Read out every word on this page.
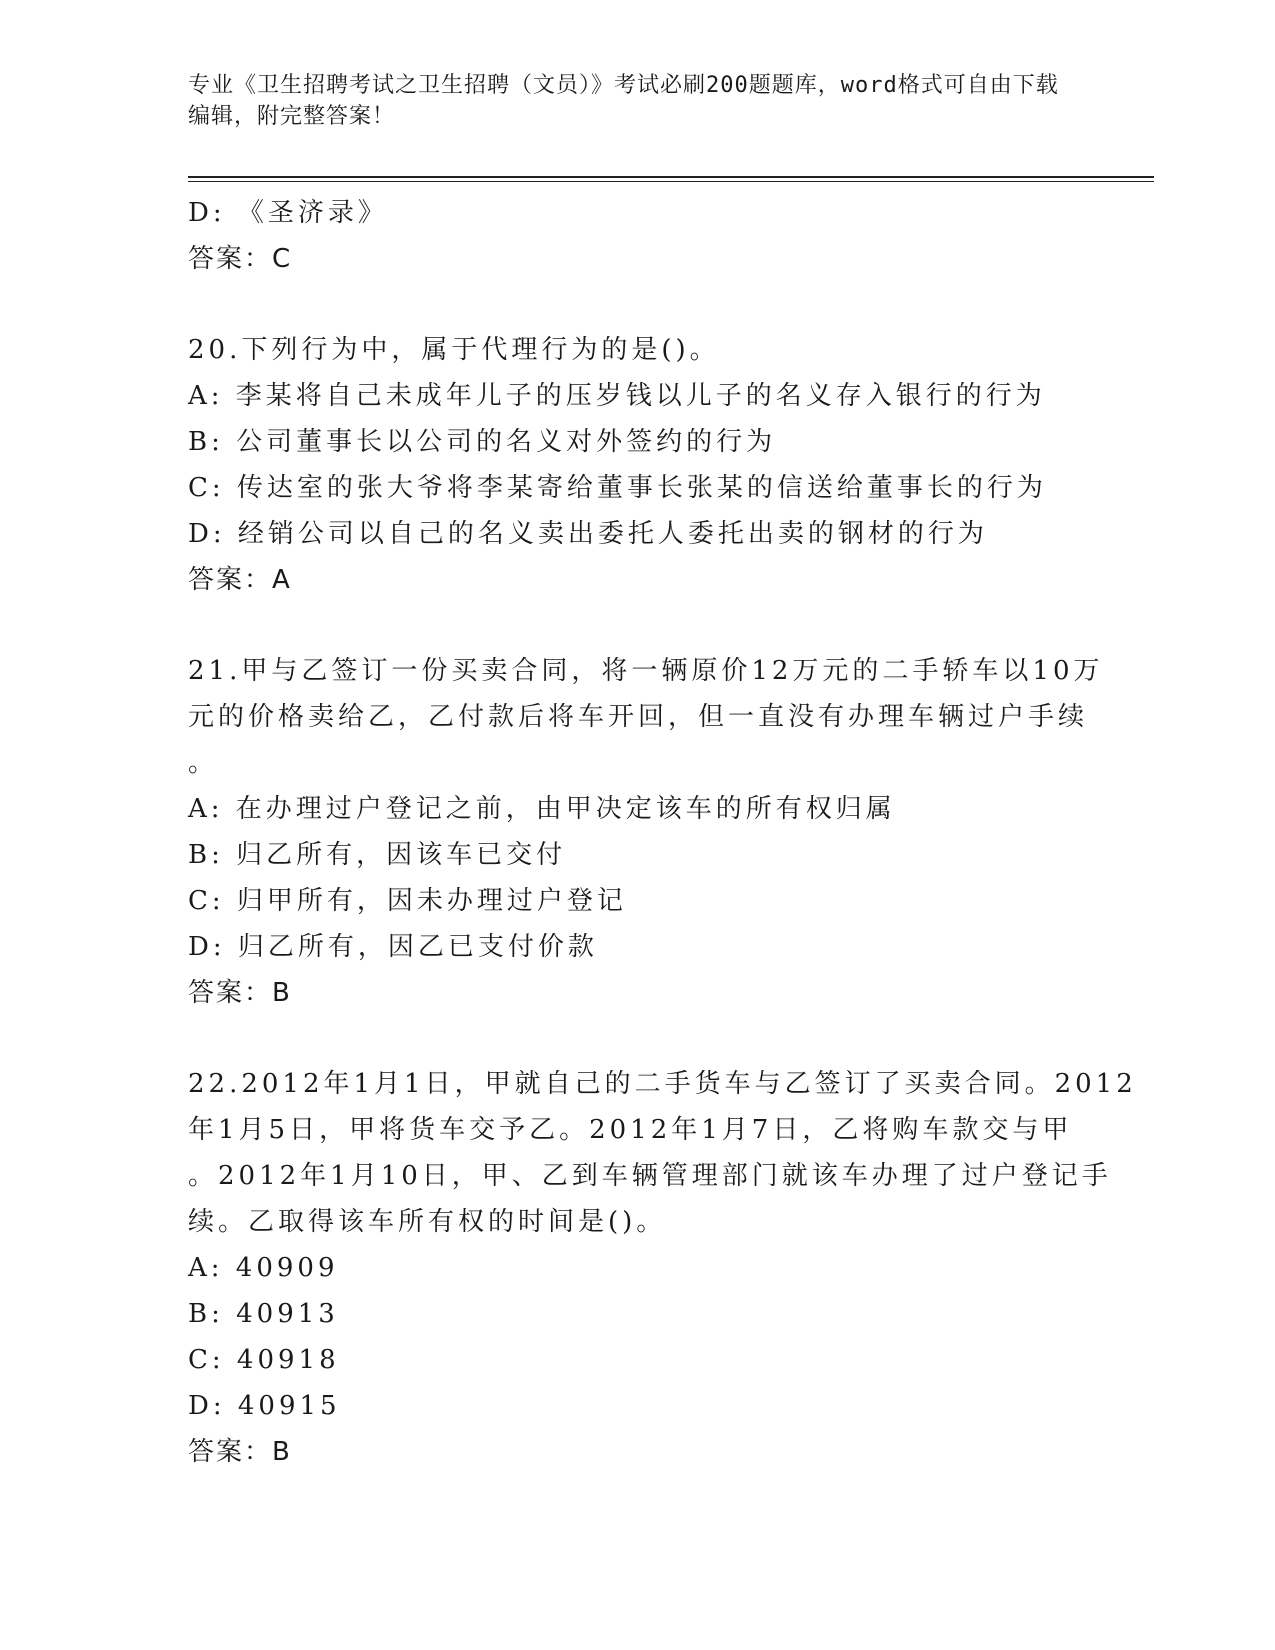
专业《卫生招聘考试之卫生招聘（文员）》考试必刷200题题库，word格式可自由下载编辑，附完整答案！
D: 《圣济录》
答案：C
20.下列行为中，属于代理行为的是()。
A: 李某将自己未成年儿子的压岁钱以儿子的名义存入银行的行为
B: 公司董事长以公司的名义对外签约的行为
C: 传达室的张大爷将李某寄给董事长张某的信送给董事长的行为
D: 经销公司以自己的名义卖出委托人委托出卖的钢材的行为
答案：A
21.甲与乙签订一份买卖合同，将一辆原价12万元的二手轿车以10万
元的价格卖给乙，乙付款后将车开回，但一直没有办理车辆过户手续
。
A: 在办理过户登记之前，由甲决定该车的所有权归属
B: 归乙所有，因该车已交付
C: 归甲所有，因未办理过户登记
D: 归乙所有，因乙已支付价款
答案：B
22.2012年1月1日，甲就自己的二手货车与乙签订了买卖合同。2012
年1月5日，甲将货车交予乙。2012年1月7日，乙将购车款交与甲
。2012年1月10日，甲、乙到车辆管理部门就该车办理了过户登记手
续。乙取得该车所有权的时间是()。
A: 40909
B: 40913
C: 40918
D: 40915
答案：B
